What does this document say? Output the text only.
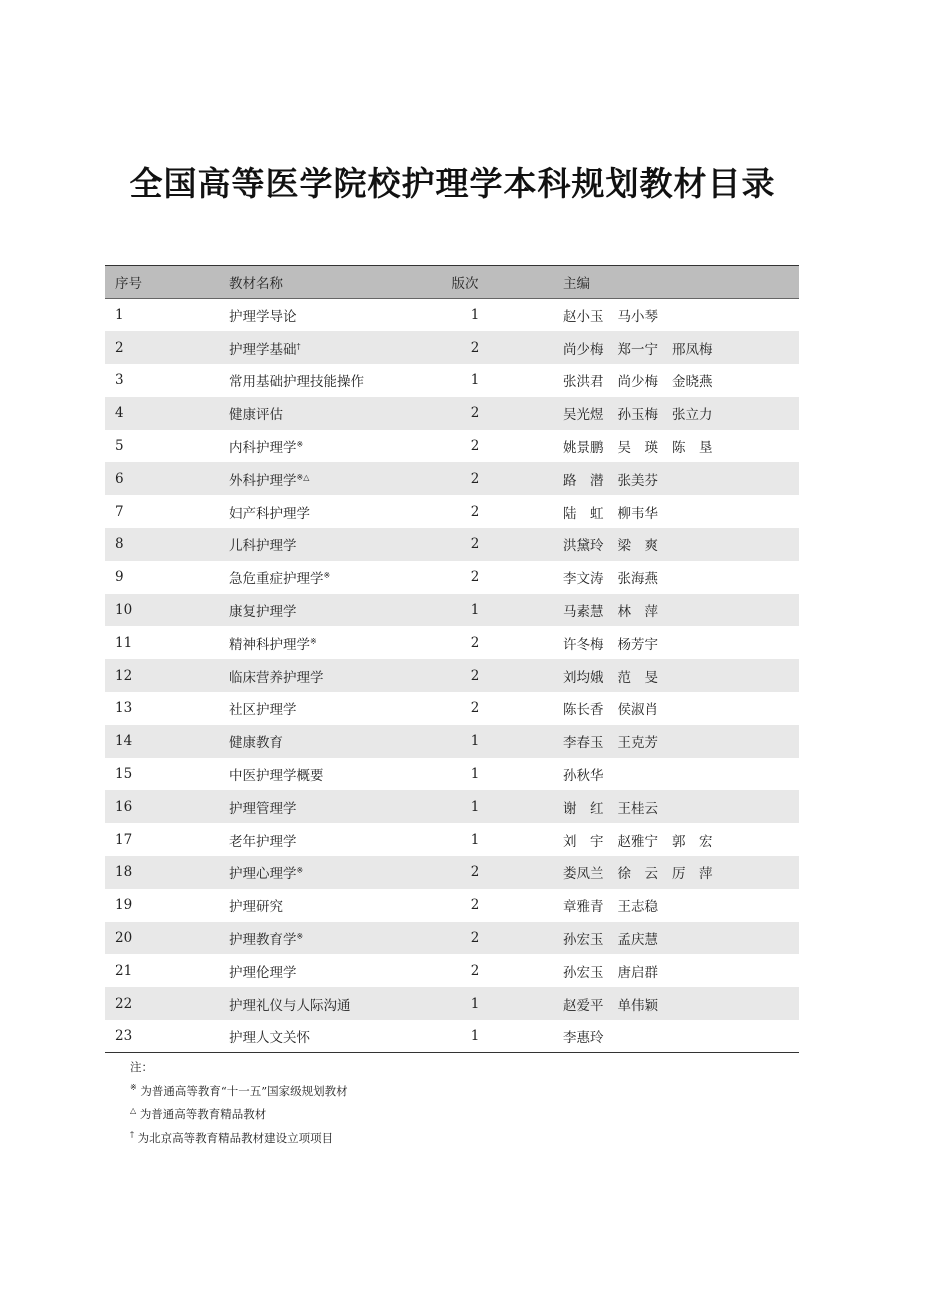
全国高等医学院校护理学本科规划教材目录
序号	教材名称	版次	主编
1	护理学导论	1	赵小玉 马小琴
2	护理学基础†	2	尚少梅 郑一宁 邢凤梅
3	常用基础护理技能操作	1	张洪君 尚少梅 金晓燕
4	健康评估	2	吴光煜 孙玉梅 张立力
5	内科护理学※	2	姚景鹏 吴　瑛 陈　垦
6	外科护理学※△	2	路　潜 张美芬
7	妇产科护理学	2	陆　虹 柳韦华
8	儿科护理学	2	洪黛玲 梁　爽
9	急危重症护理学※	2	李文涛 张海燕
10	康复护理学	1	马素慧 林　萍
11	精神科护理学※	2	许冬梅 杨芳宇
12	临床营养护理学	2	刘均娥 范　旻
13	社区护理学	2	陈长香 侯淑肖
14	健康教育	1	李春玉 王克芳
15	中医护理学概要	1	孙秋华
16	护理管理学	1	谢　红 王桂云
17	老年护理学	1	刘　宇 赵雅宁 郭　宏
18	护理心理学※	2	娄凤兰 徐　云 厉　萍
19	护理研究	2	章雅青 王志稳
20	护理教育学※	2	孙宏玉 孟庆慧
21	护理伦理学	2	孙宏玉 唐启群
22	护理礼仪与人际沟通	1	赵爱平 单伟颖
23	护理人文关怀	1	李惠玲
注：
※ 为普通高等教育“十一五”国家级规划教材
△ 为普通高等教育精品教材
† 为北京高等教育精品教材建设立项项目
